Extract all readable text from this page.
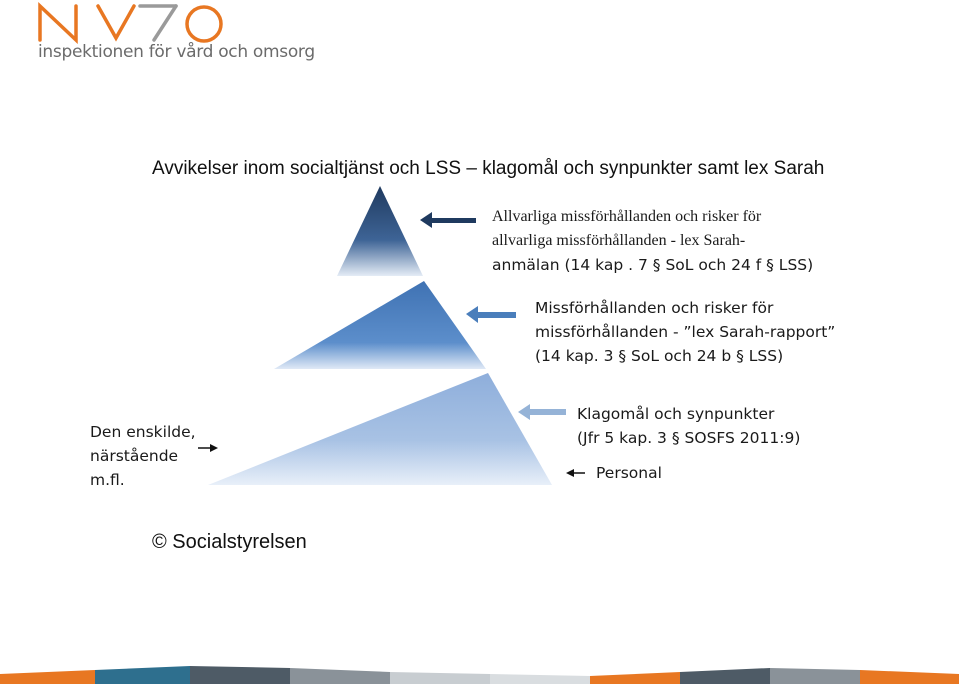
inspektionen för vård och omsorg
Avvikelser inom socialtjänst och LSS – klagomål och synpunkter samt lex Sarah
Allvarliga missförhållanden och risker för
allvarliga missförhållanden - lex Sarah-
anmälan (14 kap . 7 § SoL och 24 f § LSS)
Missförhållanden och risker för
missförhållanden - ”lex Sarah-rapport”
(14 kap. 3 § SoL och 24 b § LSS)
Klagomål och synpunkter
(Jfr 5 kap. 3 § SOSFS 2011:9)
Personal
Den enskilde,
närstående
m.fl.
© Socialstyrelsen
